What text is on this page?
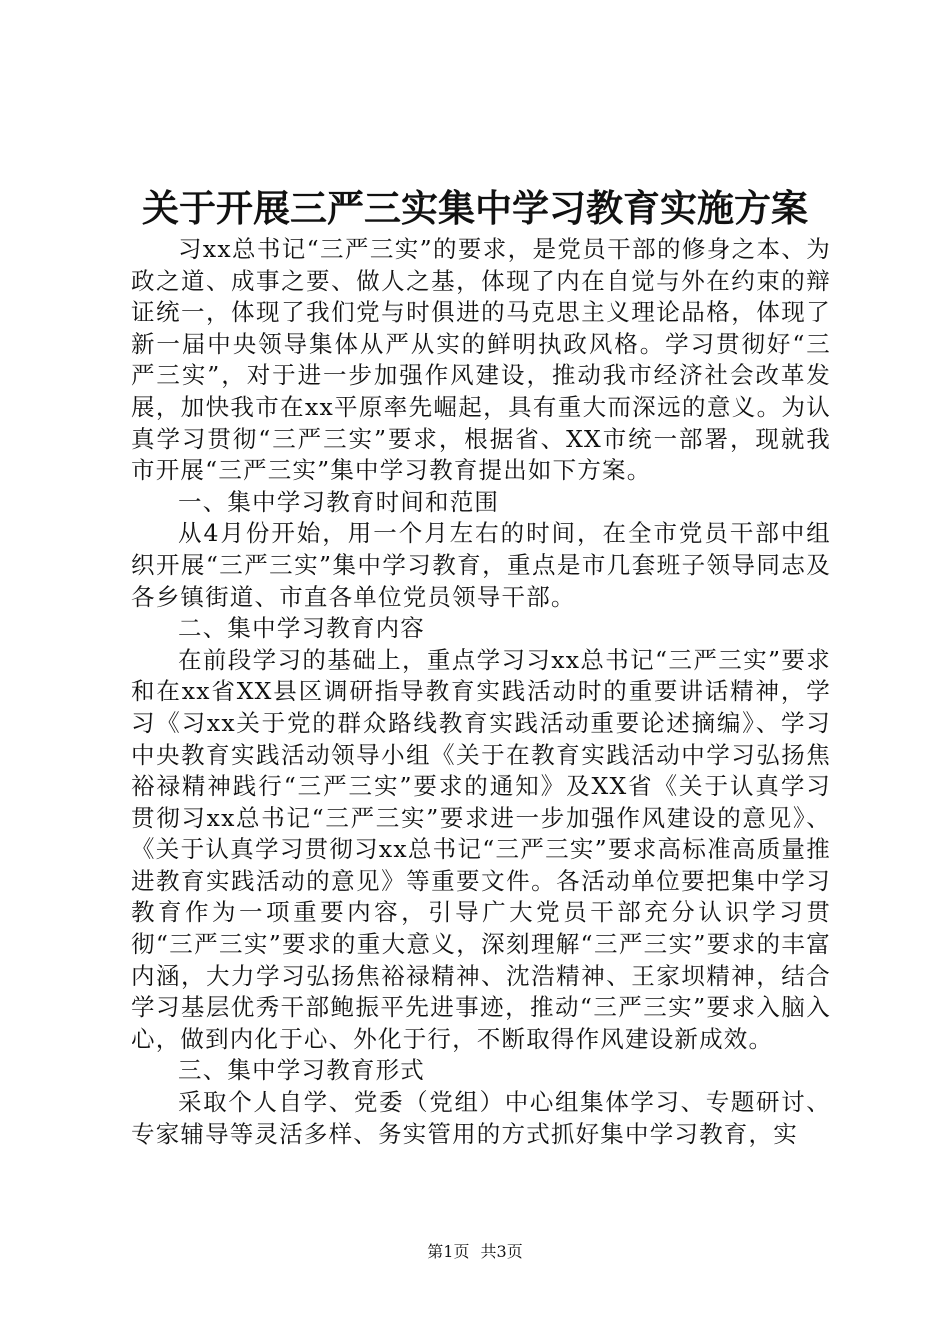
关于开展三严三实集中学习教育实施方案

习xx总书记“三严三实”的要求，是党员干部的修身之本、为政之道、成事之要、做人之基，体现了内在自觉与外在约束的辩证统一，体现了我们党与时俱进的马克思主义理论品格，体现了新一届中央领导集体从严从实的鲜明执政风格。学习贯彻好“三严三实”，对于进一步加强作风建设，推动我市经济社会改革发展，加快我市在xx平原率先崛起，具有重大而深远的意义。为认真学习贯彻“三严三实”要求，根据省、XX市统一部署，现就我市开展“三严三实”集中学习教育提出如下方案。

一、集中学习教育时间和范围

从4月份开始，用一个月左右的时间，在全市党员干部中组织开展“三严三实”集中学习教育，重点是市几套班子领导同志及各乡镇街道、市直各单位党员领导干部。

二、集中学习教育内容

在前段学习的基础上，重点学习习xx总书记“三严三实”要求和在xx省XX县区调研指导教育实践活动时的重要讲话精神，学习《习xx关于党的群众路线教育实践活动重要论述摘编》、学习中央教育实践活动领导小组《关于在教育实践活动中学习弘扬焦裕禄精神践行“三严三实”要求的通知》及XX省《关于认真学习贯彻习xx总书记“三严三实”要求进一步加强作风建设的意见》、《关于认真学习贯彻习xx总书记“三严三实”要求高标准高质量推进教育实践活动的意见》等重要文件。各活动单位要把集中学习教育作为一项重要内容，引导广大党员干部充分认识学习贯彻“三严三实”要求的重大意义，深刻理解“三严三实”要求的丰富内涵，大力学习弘扬焦裕禄精神、沈浩精神、王家坝精神，结合学习基层优秀干部鲍振平先进事迹，推动“三严三实”要求入脑入心，做到内化于心、外化于行，不断取得作风建设新成效。

三、集中学习教育形式

采取个人自学、党委（党组）中心组集体学习、专题研讨、专家辅导等灵活多样、务实管用的方式抓好集中学习教育，实

第1页 共3页
